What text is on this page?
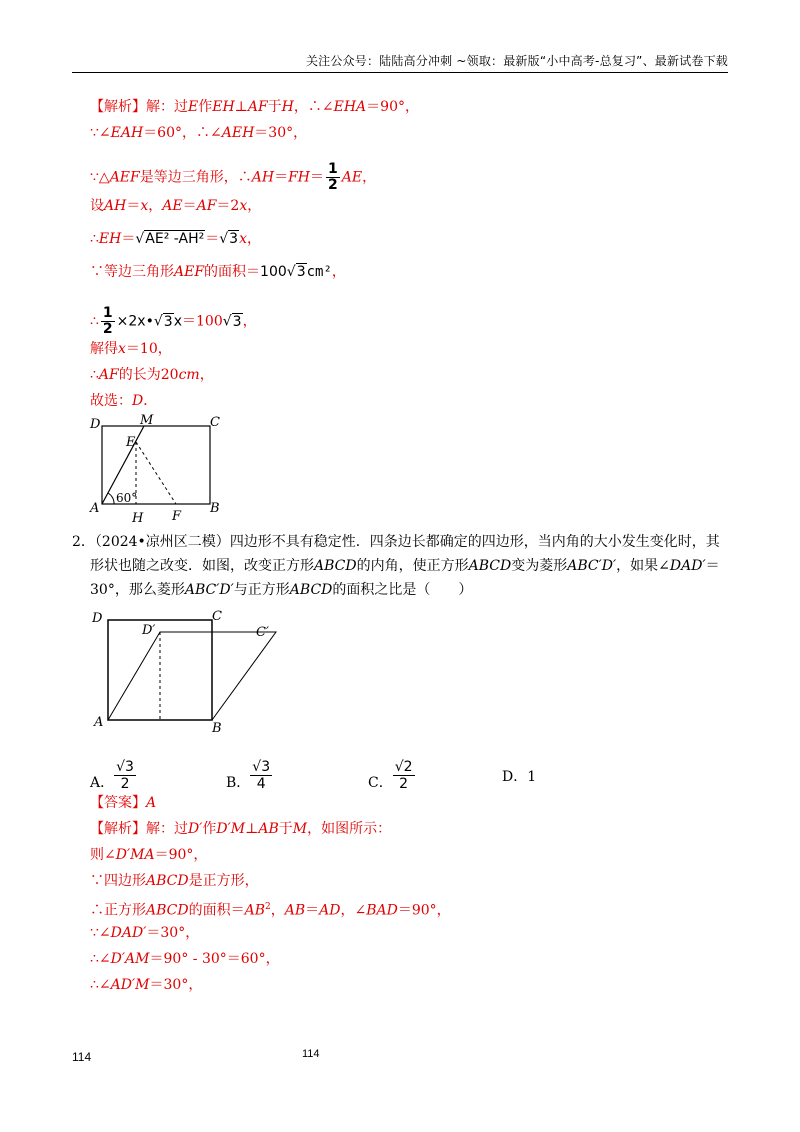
关注公众号：陆陆高分冲刺 ~领取：最新版“小中高考-总复习”、最新试卷下载
【解析】解：过E作EH⊥AF于H，∴∠EHA＝90°，
∵∠EAH＝60°，∴∠AEH＝30°，
∵△AEF是等边三角形，∴AH＝FH＝ $\frac{1}{2}$ AE，
设AH＝x，AE＝AF＝2x，
∴EH＝√AE² -AH²＝√3x，
∵等边三角形AEF的面积＝100√3cm²，
∴ $\frac{1}{2}$ ×2x•√3x＝100√3，
解得x＝10，
∴AF的长为20cm，
故选：D．
D	M	C
E
A
60°
B
H F
2．（2024•凉州区二模）四边形不具有稳定性．四条边长都确定的四边形，当内角的大小发生变化时，其
形状也随之改变．如图，改变正方形ABCD的内角，使正方形ABCD变为菱形ABC′D′，如果∠DAD′＝
30°，那么菱形ABC′D′与正方形ABCD的面积之比是（　　）
D	C
D′	C′
A	B
A． $\frac{√3}{2}$	B． $\frac{√3}{4}$	C． $\frac{√2}{2}$	D．1
【答案】A
【解析】解：过D′作D′M⊥AB于M，如图所示：
则∠D′MA＝90°，
∵四边形ABCD是正方形，
∴正方形ABCD的面积$=AB^2$，AB＝AD，∠BAD＝90°，
∵∠DAD′＝30°，
∴∠D′AM＝90° - 30°＝60°，
∴∠AD′M＝30°，
114	114
